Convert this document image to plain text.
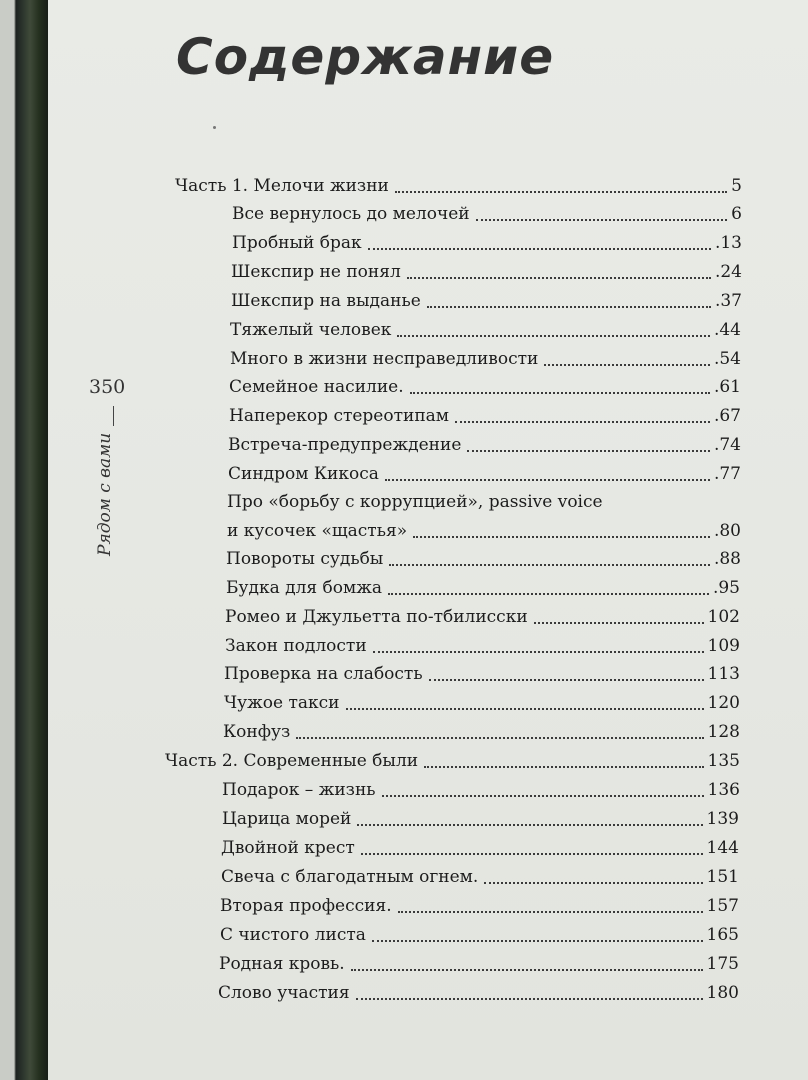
Содержание
350
Рядом с вами
Часть 1. Мелочи жизни	5
Все вернулось до мелочей	6
Пробный брак	.13
Шекспир не понял	.24
Шекспир на выданье	.37
Тяжелый человек	.44
Много в жизни несправедливости	.54
Семейное насилие.	.61
Наперекор стереотипам	.67
Встреча-предупреждение	.74
Синдром Кикоса	.77
Про «борьбу с коррупцией», passive voice
и кусочек «щастья»	.80
Повороты судьбы	.88
Будка для бомжа	.95
Ромео и Джульетта по-тбилисски	102
Закон подлости	109
Проверка на слабость	113
Чужое такси	120
Конфуз	128
Часть 2. Современные были	135
Подарок – жизнь	136
Царица морей	139
Двойной крест	144
Свеча с благодатным огнем.	151
Вторая профессия.	157
С чистого листа	165
Родная кровь.	175
Слово участия	180
